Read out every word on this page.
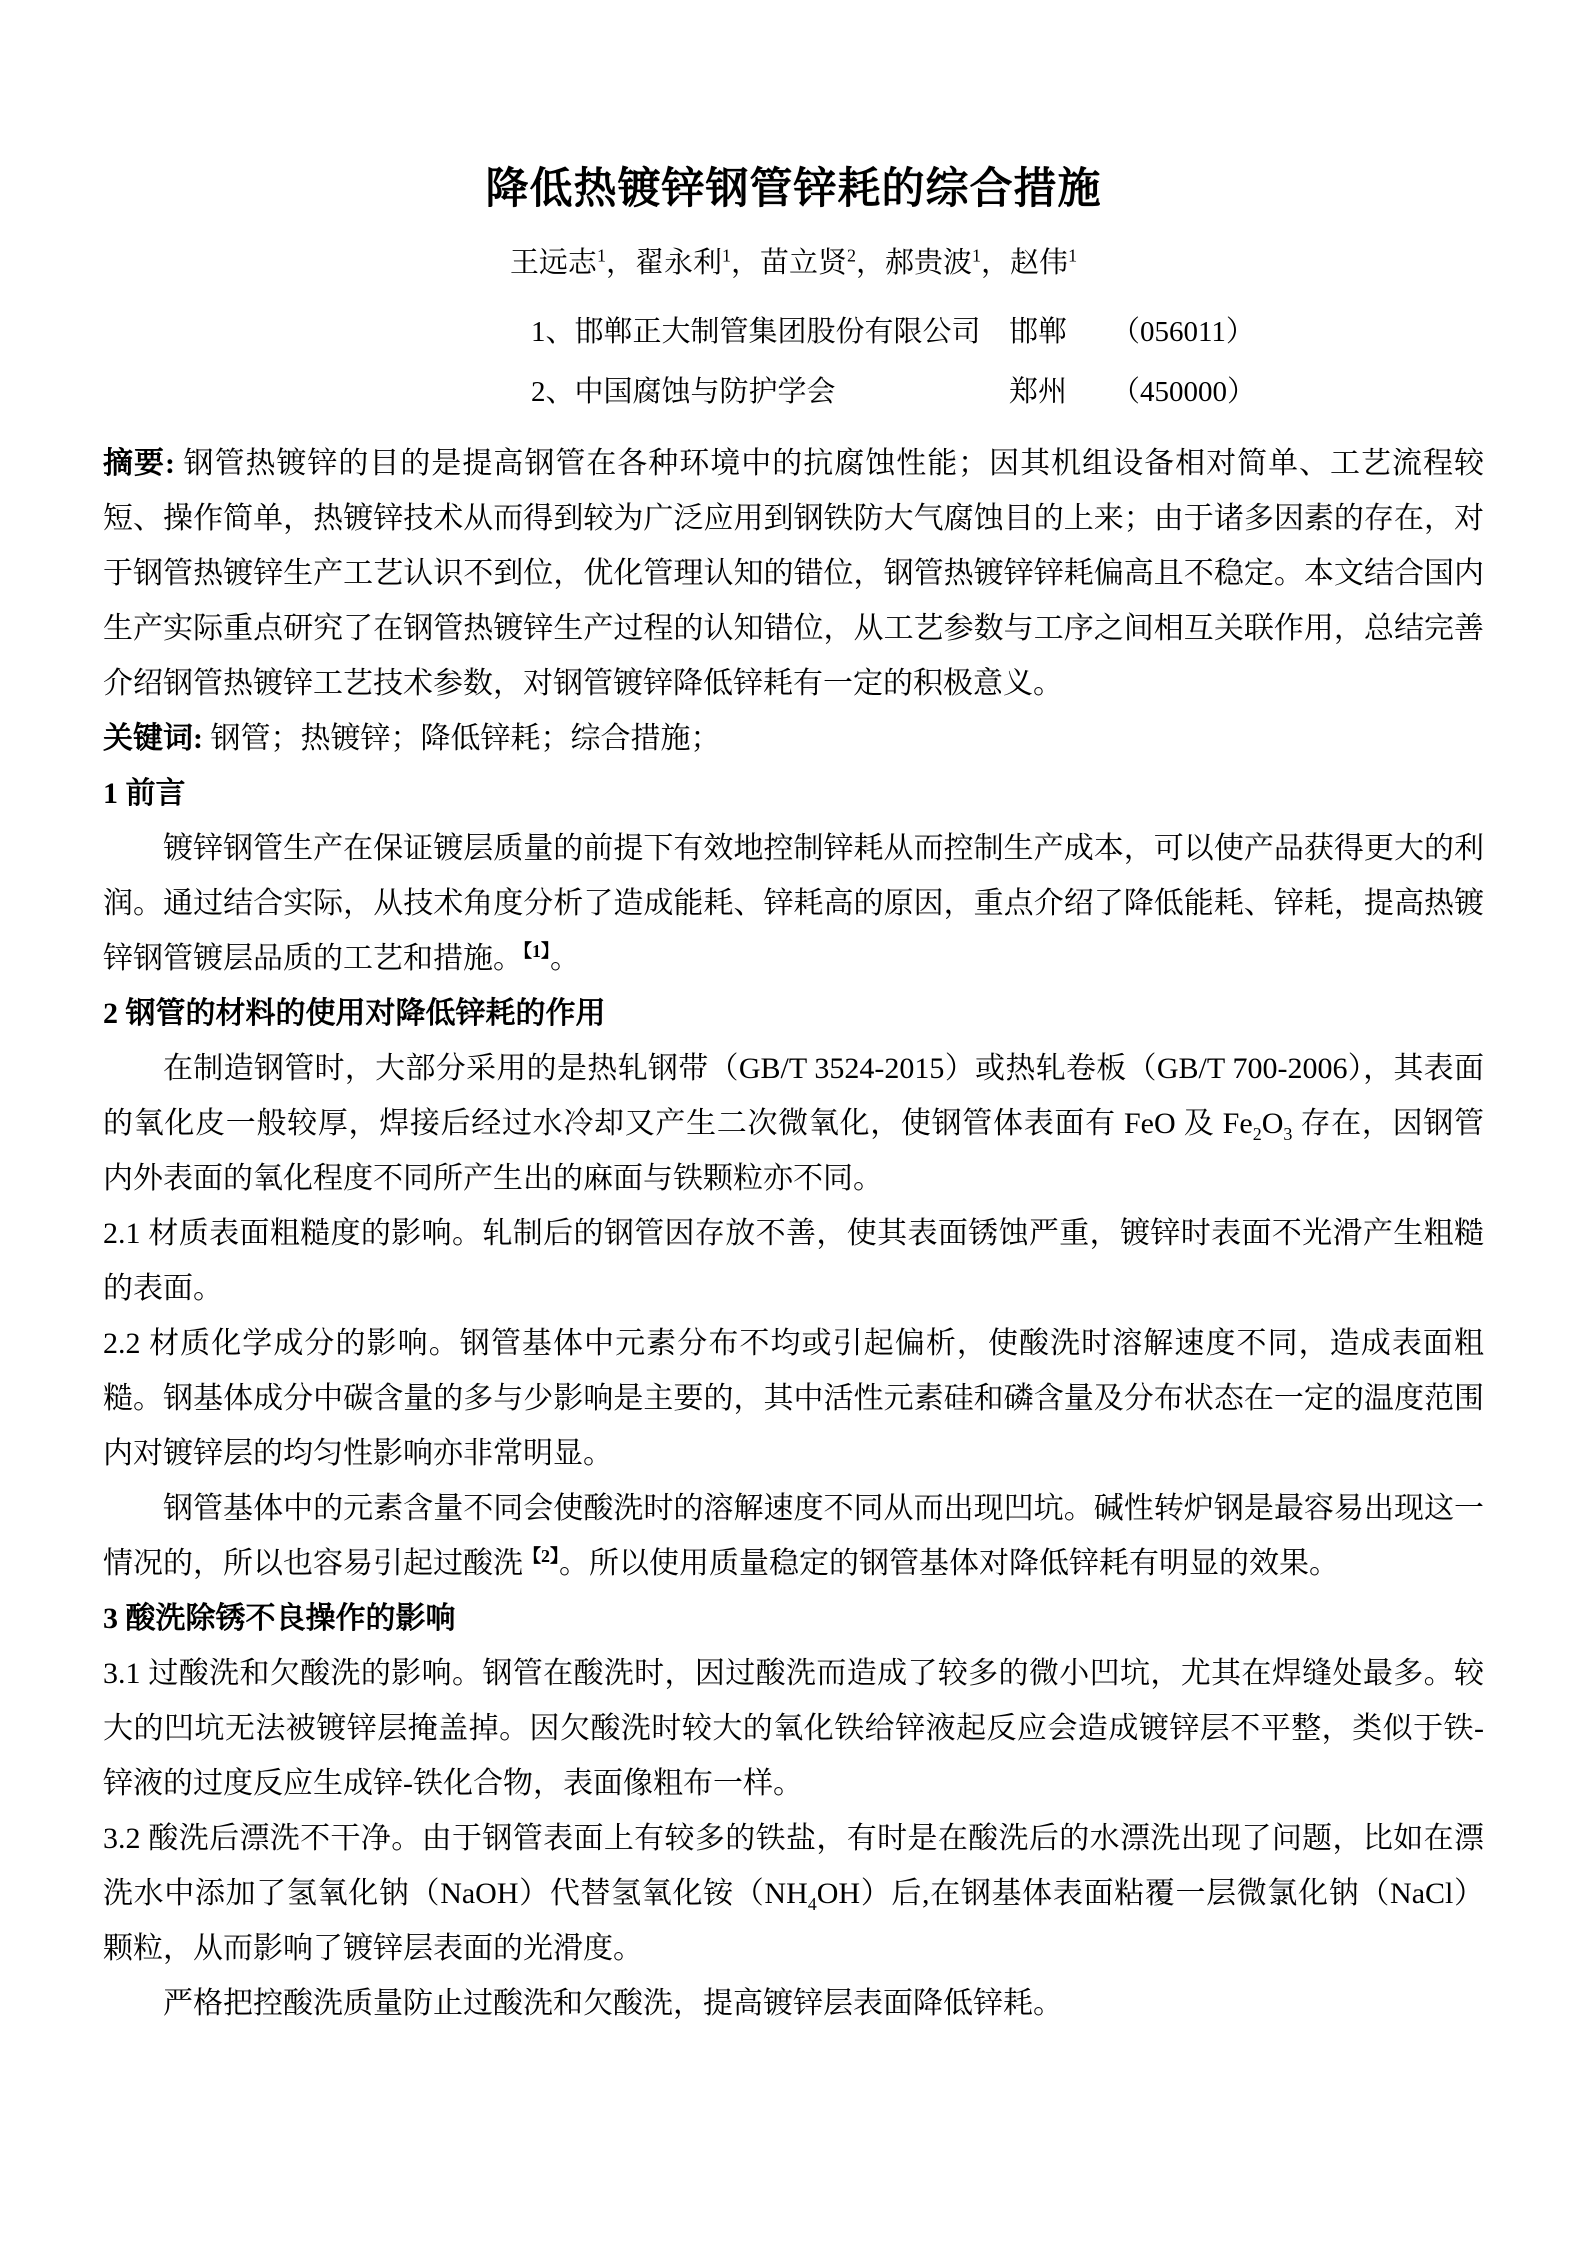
降低热镀锌钢管锌耗的综合措施
王远志$^1$，翟永利$^1$，苗立贤$^2$，郝贵波$^1$，赵伟$^1$
1、邯郸正大制管集团股份有限公司 邯郸	（056011）
2、中国腐蚀与防护学会	郑州	（450000）

摘要: 钢管热镀锌的目的是提高钢管在各种环境中的抗腐蚀性能；因其机组设备相对简单、工艺流程较短、操作简单，热镀锌技术从而得到较为广泛应用到钢铁防大气腐蚀目的上来；由于诸多因素的存在，对于钢管热镀锌生产工艺认识不到位，优化管理认知的错位，钢管热镀锌锌耗偏高且不稳定。本文结合国内生产实际重点研究了在钢管热镀锌生产过程的认知错位，从工艺参数与工序之间相互关联作用，总结完善介绍钢管热镀锌工艺技术参数，对钢管镀锌降低锌耗有一定的积极意义。

关键词: 钢管；热镀锌；降低锌耗；综合措施；

1 前言

镀锌钢管生产在保证镀层质量的前提下有效地控制锌耗从而控制生产成本，可以使产品获得更大的利润。通过结合实际，从技术角度分析了造成能耗、锌耗高的原因，重点介绍了降低能耗、锌耗，提高热镀锌钢管镀层品质的工艺和措施。$^{【1】}$。

2 钢管的材料的使用对降低锌耗的作用

在制造钢管时，大部分采用的是热轧钢带（GB/T 3524-2015）或热轧卷板（GB/T 700-2006），其表面的氧化皮一般较厚，焊接后经过水冷却又产生二次微氧化，使钢管体表面有 FeO 及 $Fe_2O_3$ 存在，因钢管内外表面的氧化程度不同所产生出的麻面与铁颗粒亦不同。

2.1 材质表面粗糙度的影响。轧制后的钢管因存放不善，使其表面锈蚀严重，镀锌时表面不光滑产生粗糙的表面。

2.2 材质化学成分的影响。钢管基体中元素分布不均或引起偏析，使酸洗时溶解速度不同，造成表面粗糙。钢基体成分中碳含量的多与少影响是主要的，其中活性元素硅和磷含量及分布状态在一定的温度范围内对镀锌层的均匀性影响亦非常明显。

钢管基体中的元素含量不同会使酸洗时的溶解速度不同从而出现凹坑。碱性转炉钢是最容易出现这一情况的，所以也容易引起过酸洗$^{【2】}$。所以使用质量稳定的钢管基体对降低锌耗有明显的效果。

3 酸洗除锈不良操作的影响

3.1 过酸洗和欠酸洗的影响。钢管在酸洗时，因过酸洗而造成了较多的微小凹坑，尤其在焊缝处最多。较大的凹坑无法被镀锌层掩盖掉。因欠酸洗时较大的氧化铁给锌液起反应会造成镀锌层不平整，类似于铁-锌液的过度反应生成锌-铁化合物，表面像粗布一样。

3.2 酸洗后漂洗不干净。由于钢管表面上有较多的铁盐，有时是在酸洗后的水漂洗出现了问题，比如在漂洗水中添加了氢氧化钠（NaOH）代替氢氧化铵$(NH_4OH)$后,在钢基体表面粘覆一层微氯化钠（NaCl）颗粒，从而影响了镀锌层表面的光滑度。

严格把控酸洗质量防止过酸洗和欠酸洗，提高镀锌层表面降低锌耗。
